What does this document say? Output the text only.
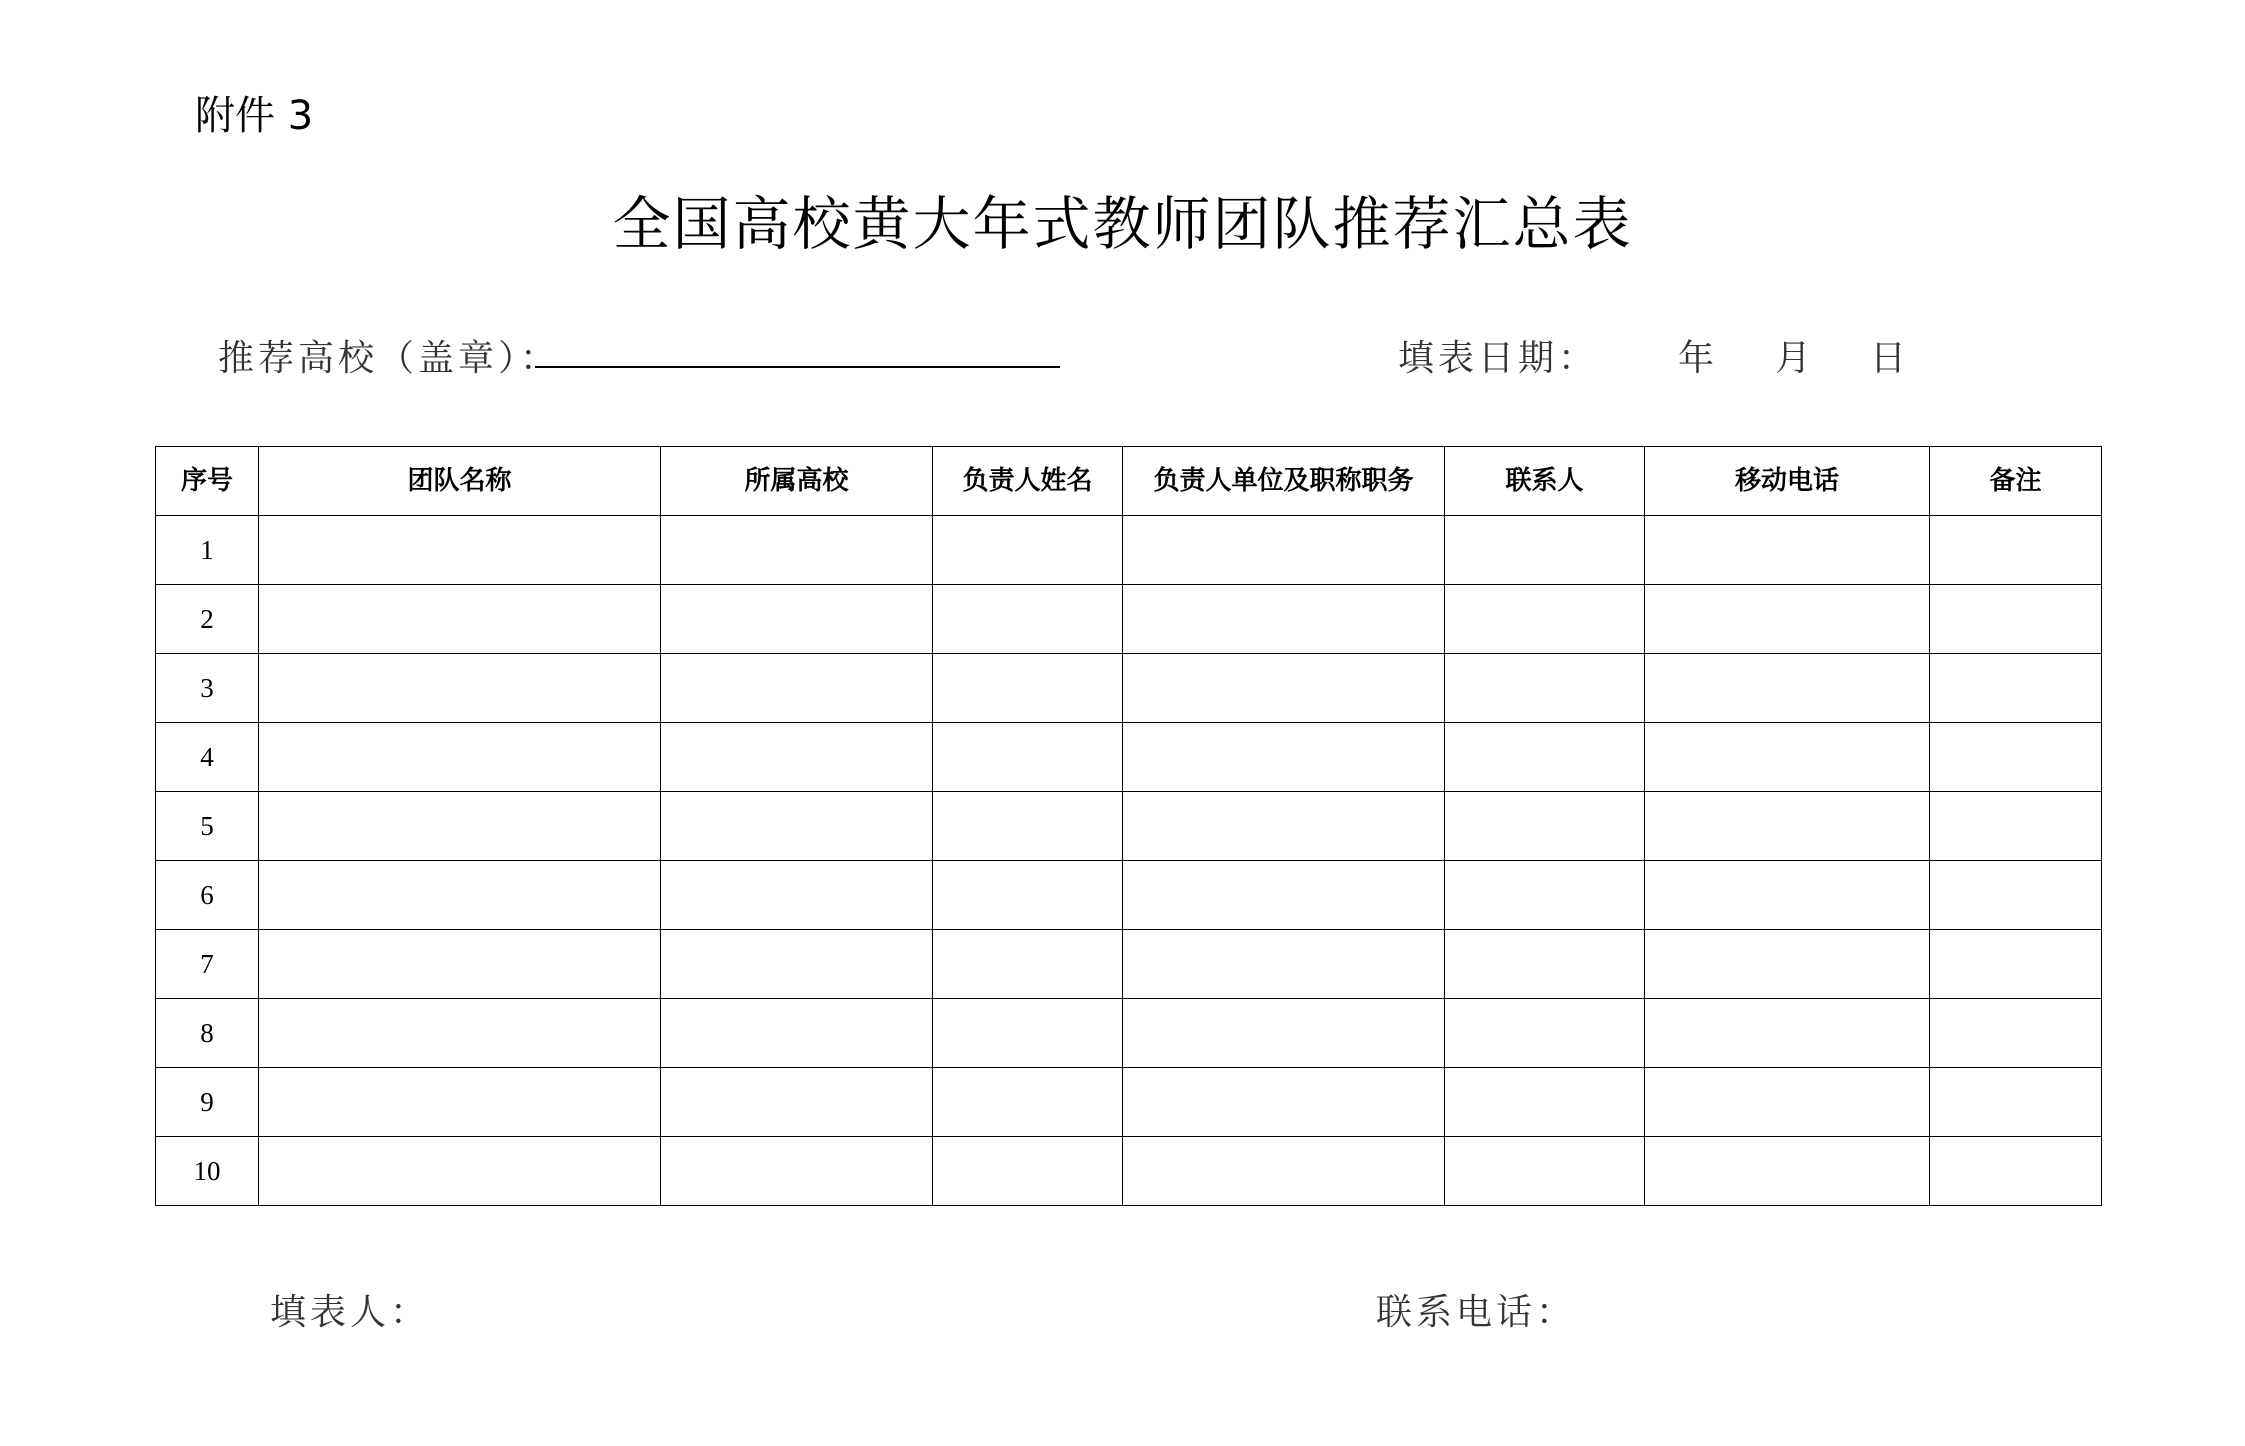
附件 3
全国高校黄大年式教师团队推荐汇总表
推荐高校（盖章）：	填表日期： 年 月 日
序号	团队名称	所属高校	负责人姓名	负责人单位及职称职务	联系人	移动电话	备注
1							
2							
3							
4							
5							
6							
7							
8							
9							
10							
填表人：	联系电话：
